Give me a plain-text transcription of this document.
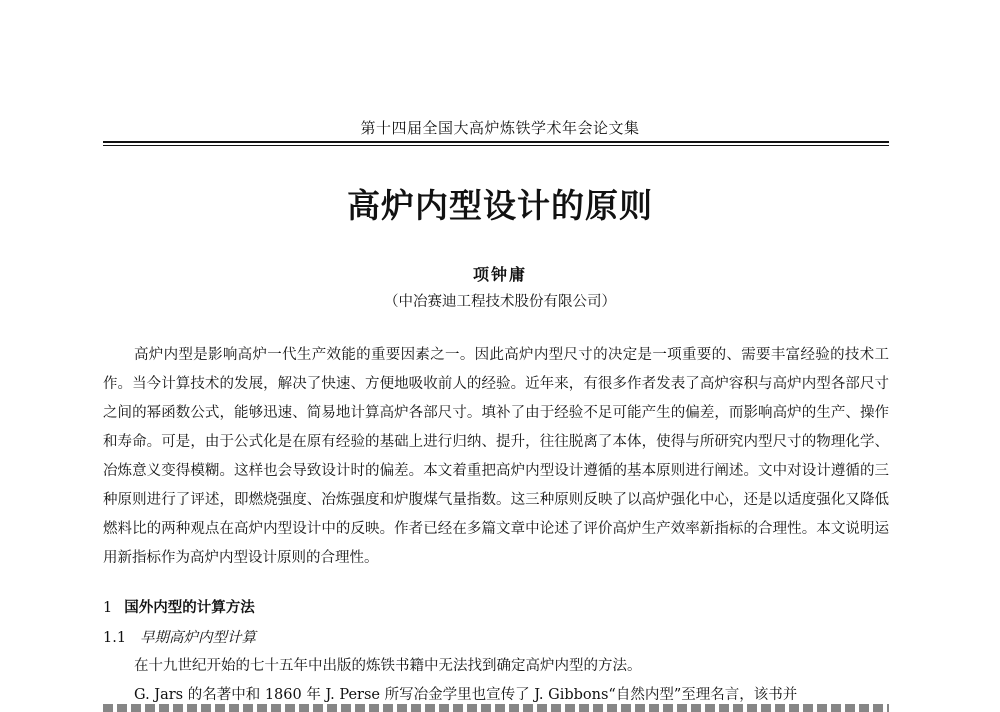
第十四届全国大高炉炼铁学术年会论文集
高炉内型设计的原则
项钟庸
（中冶赛迪工程技术股份有限公司）

高炉内型是影响高炉一代生产效能的重要因素之一。因此高炉内型尺寸的决定是一项重要的、需要丰富经验的技术工作。当今计算技术的发展，解决了快速、方便地吸收前人的经验。近年来，有很多作者发表了高炉容积与高炉内型各部尺寸之间的幂函数公式，能够迅速、简易地计算高炉各部尺寸。填补了由于经验不足可能产生的偏差，而影响高炉的生产、操作和寿命。可是，由于公式化是在原有经验的基础上进行归纳、提升，往往脱离了本体，使得与所研究内型尺寸的物理化学、冶炼意义变得模糊。这样也会导致设计时的偏差。本文着重把高炉内型设计遵循的基本原则进行阐述。文中对设计遵循的三种原则进行了评述，即燃烧强度、冶炼强度和炉腹煤气量指数。这三种原则反映了以高炉强化中心，还是以适度强化又降低燃料比的两种观点在高炉内型设计中的反映。作者已经在多篇文章中论述了评价高炉生产效率新指标的合理性。本文说明运用新指标作为高炉内型设计原则的合理性。

1 国外内型的计算方法
1.1 早期高炉内型计算

在十九世纪开始的七十五年中出版的炼铁书籍中无法找到确定高炉内型的方法。

G. Jars 的名著中和 1860 年 J. Perse 所写冶金学里也宣传了 J. Gibbons“自然内型”至理名言，该书并
